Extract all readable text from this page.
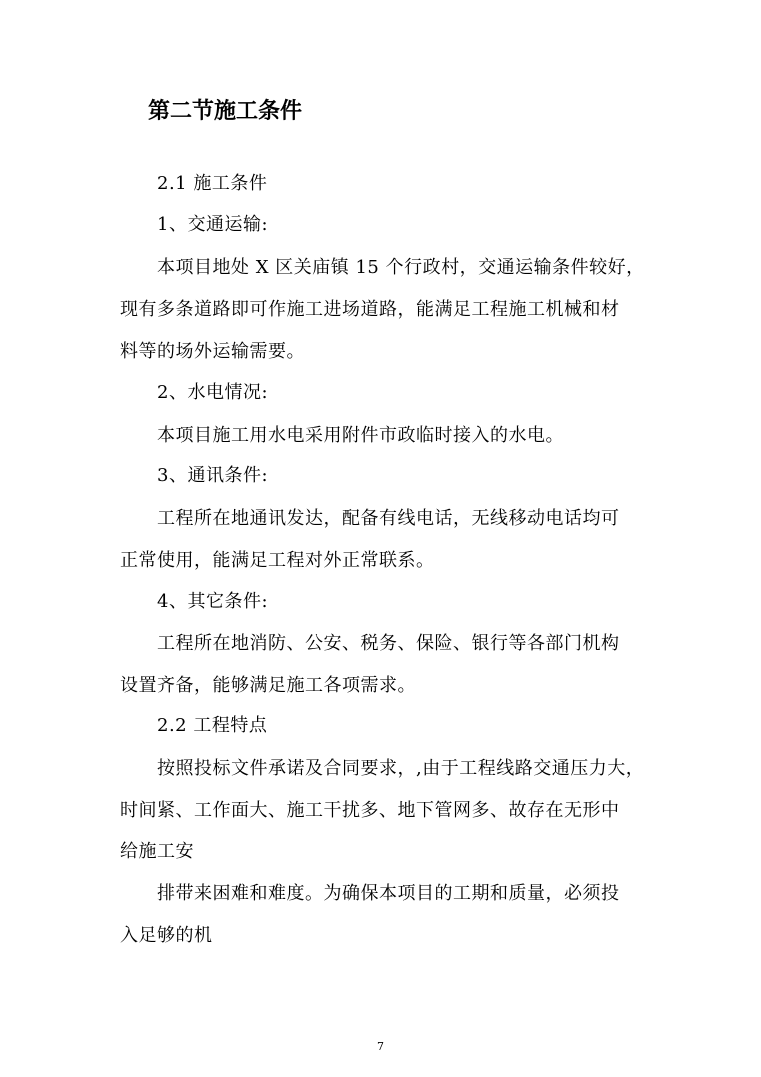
第二节施工条件
2.1 施工条件
1、交通运输:
本项目地处 X 区关庙镇 15 个行政村，交通运输条件较好，
现有多条道路即可作施工进场道路，能满足工程施工机械和材
料等的场外运输需要。
2、水电情况:
本项目施工用水电采用附件市政临时接入的水电。
3、通讯条件:
工程所在地通讯发达，配备有线电话，无线移动电话均可
正常使用，能满足工程对外正常联系。
4、其它条件:
工程所在地消防、公安、税务、保险、银行等各部门机构
设置齐备，能够满足施工各项需求。
2.2 工程特点
按照投标文件承诺及合同要求，,由于工程线路交通压力大，
时间紧、工作面大、施工干扰多、地下管网多、故存在无形中
给施工安
排带来困难和难度。为确保本项目的工期和质量，必须投
入足够的机
7
